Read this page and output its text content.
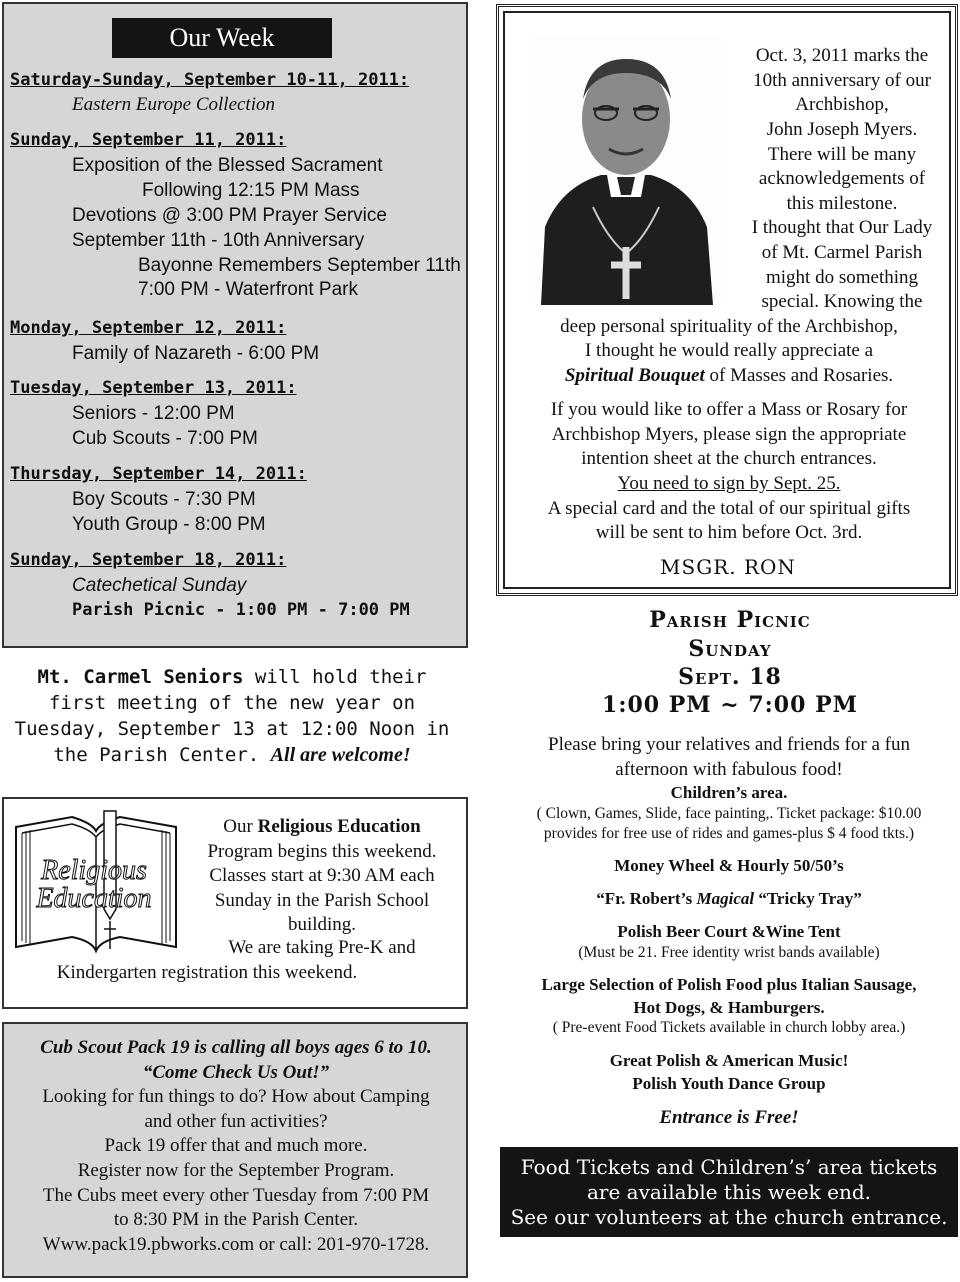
Our Week
Saturday-Sunday, September 10-11, 2011:
Eastern Europe Collection
Sunday, September 11, 2011:
Exposition of the Blessed Sacrament
Following 12:15 PM Mass
Devotions @ 3:00 PM Prayer Service
September 11th - 10th Anniversary
Bayonne Remembers September 11th
7:00 PM - Waterfront Park
Monday, September 12, 2011:
Family of Nazareth - 6:00 PM
Tuesday, September 13, 2011:
Seniors - 12:00 PM
Cub Scouts - 7:00 PM
Thursday, September 14, 2011:
Boy Scouts - 7:30 PM
Youth Group - 8:00 PM
Sunday, September 18, 2011:
Catechetical Sunday
Parish Picnic - 1:00 PM - 7:00 PM
Mt. Carmel Seniors will hold their first meeting of the new year on Tuesday, September 13 at 12:00 Noon in the Parish Center. All are welcome!
Religious
Education
Our Religious Education
Program begins this weekend.
Classes start at 9:30 AM each
Sunday in the Parish School
building.
We are taking Pre-K and
Kindergarten registration this weekend.
Cub Scout Pack 19 is calling all boys ages 6 to 10.
“Come Check Us Out!”
Looking for fun things to do? How about Camping
and other fun activities?
Pack 19 offer that and much more.
Register now for the September Program.
The Cubs meet every other Tuesday from 7:00 PM
to 8:30 PM in the Parish Center.
Www.pack19.pbworks.com or call: 201-970-1728.
Oct. 3, 2011 marks the
10th anniversary of our
Archbishop,
John Joseph Myers.
There will be many
acknowledgements of
this milestone.
I thought that Our Lady
of Mt. Carmel Parish
might do something
special. Knowing the
deep personal spirituality of the Archbishop,
I thought he would really appreciate a
Spiritual Bouquet of Masses and Rosaries.
If you would like to offer a Mass or Rosary for
Archbishop Myers, please sign the appropriate
intention sheet at the church entrances.
You need to sign by Sept. 25.
A special card and the total of our spiritual gifts
will be sent to him before Oct. 3rd.
MSGR. RON
Parish Picnic
Sunday
Sept. 18
1:00 PM ~ 7:00 PM
Please bring your relatives and friends for a fun
afternoon with fabulous food!
Children’s area.
( Clown, Games, Slide, face painting,. Ticket package: $10.00
provides for free use of rides and games-plus $ 4 food tkts.)
Money Wheel & Hourly 50/50’s
“Fr. Robert’s Magical “Tricky Tray”
Polish Beer Court &Wine Tent
(Must be 21. Free identity wrist bands available)
Large Selection of Polish Food plus Italian Sausage,
Hot Dogs, & Hamburgers.
( Pre-event Food Tickets available in church lobby area.)
Great Polish & American Music!
Polish Youth Dance Group
Entrance is Free!
Food Tickets and Children’s’ area tickets
are available this week end.
See our volunteers at the church entrance.
